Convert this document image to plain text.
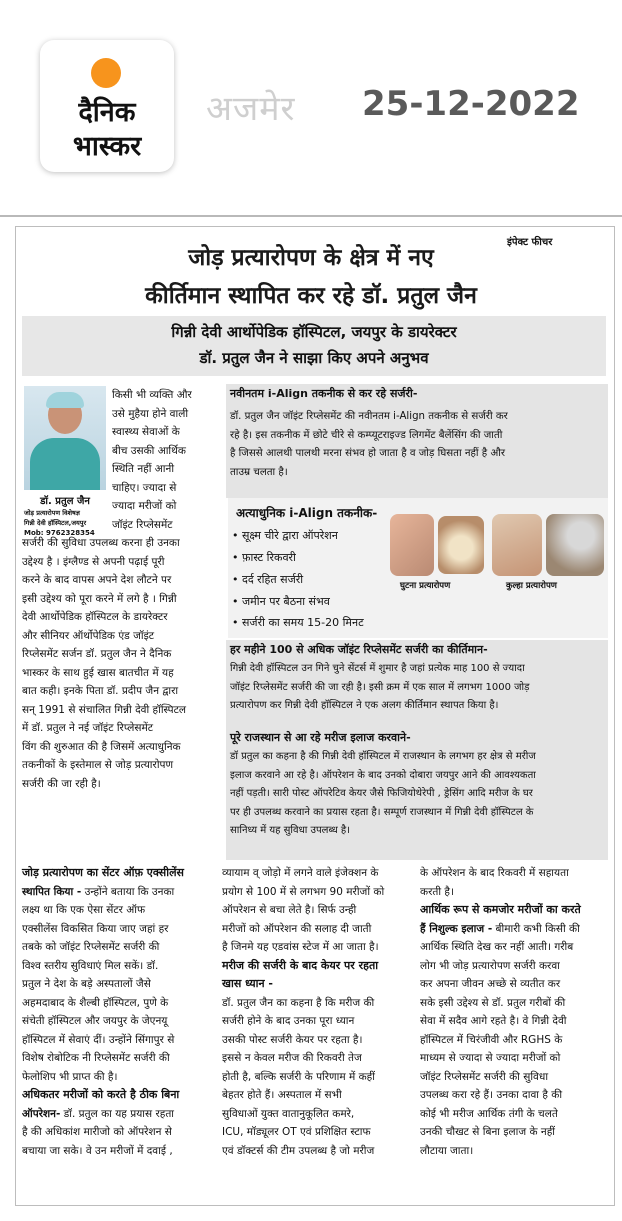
दैनिक
भास्कर
अजमेर 25-12-2022
इंपेक्ट फीचर
जोड़ प्रत्यारोपण के क्षेत्र में नए
कीर्तिमान स्थापित कर रहे डॉ. प्रतुल जैन
गिन्नी देवी आर्थोपेडिक हॉस्पिटल, जयपुर के डायरेक्टर
डॉ. प्रतुल जैन ने साझा किए अपने अनुभव
डॉ. प्रतुल जैन
जोड़ प्रत्यारोपण विशेषज्ञ
गिन्नी देवी हॉस्पिटल,जयपुर
Mob: 9762328354
किसी भी व्यक्ति और
उसे मुहैया होने वाली
स्वास्थ्य सेवाओं के
बीच उसकी आर्थिक
स्थिति नहीं आनी
चाहिए। ज्यादा से
ज्यादा मरीजों को
जॉइंट रिप्लेसमेंट
सर्जरी की सुविधा उपलब्ध करना ही उनका
उद्देश्य है । इंग्लैण्ड से अपनी पढ़ाई पूरी
करने के बाद वापस अपने देश लौटने पर
इसी उद्देश्य को पूरा करने में लगे है । गिन्नी
देवी आर्थोपेडिक हॉस्पिटल के डायरेक्टर
और सीनियर ऑर्थोपेडिक एंड जॉइंट
रिप्लेसमेंट सर्जन डॉ. प्रतुल जैन ने दैनिक
भास्कर के साथ हुई खास बातचीत में यह
बात कही। इनके पिता डॉ. प्रदीप जैन द्वारा
सन् 1991 से संचालित गिन्नी देवी हॉस्पिटल
में डॉ. प्रतुल ने नई जॉइंट रिप्लेसमेंट
विंग की शुरुआत की है जिसमें अत्याधुनिक
तकनीकों के इस्तेमाल से जोड़ प्रत्यारोपण
सर्जरी की जा रही है।
नवीनतम i-Align तकनीक से कर रहे सर्जरी-
डॉ. प्रतुल जैन जॉइंट रिप्लेसमेंट की नवीनतम i-Align तकनीक से सर्जरी कर
रहे है। इस तकनीक में छोटे चीरे से कम्प्यूटराइज्ड लिगमेंट बैलेंसिंग की जाती
है जिससे आलथी पालथी मरना संभव हो जाता है व जोड़ घिसता नहीं है और
ताउम्र चलता है।
अत्याधुनिक i-Align तकनीक-
• सूक्ष्म चीरे द्वारा ऑपरेशन
• फ़ास्ट रिकवरी
• दर्द रहित सर्जरी
• जमीन पर बैठना संभव
• सर्जरी का समय 15-20 मिनट
घुटना प्रत्यारोपण	कुल्हा प्रत्यारोपण
हर महीने 100 से अधिक जॉइंट रिप्लेसमेंट सर्जरी का कीर्तिमान-
गिन्नी देवी हॉस्पिटल उन गिने चुने सेंटर्स में शुमार है जहां प्रत्येक माह 100 से ज्यादा
जॉइंट रिप्लेसमेंट सर्जरी की जा रही है। इसी क्रम में एक साल में लगभग 1000 जोड़
प्रत्यारोपण कर गिन्नी देवी हॉस्पिटल ने एक अलग कीर्तिमान स्थापत किया है।
पूरे राजस्थान से आ रहे मरीज इलाज करवाने-
डॉ प्रतुल का कहना है की गिन्नी देवी हॉस्पिटल में राजस्थान के लगभग हर क्षेत्र से मरीज
इलाज करवाने आ रहे है। ऑपरेशन के बाद उनको दोबारा जयपुर आने की आवश्यकता
नहीं पड़ती। सारी पोस्ट ऑपरेटिव केयर जैसे फिजियोथेरेपी , ड्रेसिंग आदि मरीज के घर
पर ही उपलब्ध करवाने का प्रयास रहता है। सम्पूर्ण राजस्थान में गिन्नी देवी हॉस्पिटल के
सानिध्य में यह सुविधा उपलब्ध है।
जोड़ प्रत्यारोपण का सेंटर ऑफ़ एक्सीलेंस
स्थापित किया - उन्होंने बताया कि उनका
लक्ष्य था कि एक ऐसा सेंटर ऑफ
एक्सीलेंस विकसित किया जाए जहां हर
तबके को जॉइंट रिप्लेसमेंट सर्जरी की
विश्व स्तरीय सुविधाएं मिल सकें। डॉ.
प्रतुल ने देश के बड़े अस्पतालों जैसे
अहमदाबाद के शैल्बी हॉस्पिटल, पुणे के
संचेती हॉस्पिटल और जयपुर के जेएनयू
हॉस्पिटल में सेवाएं दीं। उन्होंने सिंगापुर से
विशेष रोबोटिक नी रिप्लेसमेंट सर्जरी की
फेलोशिप भी प्राप्त की है।
अधिकतर मरीजों को करते है ठीक बिना
ऑपरेशन- डॉ. प्रतुल का यह प्रयास रहता
है की अधिकांश मारीजो को ऑपरेशन से
बचाया जा सके। वे उन मरीजों में दवाई ,
व्यायाम व् जोड़ो में लगने वाले इंजेक्शन के
प्रयोग से 100 में से लगभग 90 मरीजों को
ऑपरेशन से बचा लेते है। सिर्फ उन्ही
मरीजों को ऑपरेशन की सलाह दी जाती
है जिनमे यह एडवांस स्टेज में आ जाता है।
मरीज की सर्जरी के बाद केयर पर रहता
खास ध्यान -
डॉ. प्रतुल जैन का कहना है कि मरीज की
सर्जरी होने के बाद उनका पूरा ध्यान
उसकी पोस्ट सर्जरी केयर पर रहता है।
इससे न केवल मरीज की रिकवरी तेज
होती है, बल्कि सर्जरी के परिणाम में कहीं
बेहतर होते हैं। अस्पताल में सभी
सुविधाओं युक्त वातानुकूलित कमरे,
ICU, मॉड्यूलर OT एवं प्रशिक्षित स्टाफ
एवं डॉक्टर्स की टीम उपलब्ध है जो मरीज
के ऑपरेशन के बाद रिकवरी में सहायता
करती है।
आर्थिक रूप से कमजोर मरीजों का करते
हैं निशुल्क इलाज - बीमारी कभी किसी की
आर्थिक स्थिति देख कर नहीं आती। गरीब
लोग भी जोड़ प्रत्यारोपण सर्जरी करवा
कर अपना जीवन अच्छे से व्यतीत कर
सके इसी उद्देश्य से डॉ. प्रतुल गरीबों की
सेवा में सदैव आगे रहते है। वे गिन्नी देवी
हॉस्पिटल में चिरंजीवी और RGHS के
माध्यम से ज्यादा से ज्यादा मरीजों को
जॉइंट रिप्लेसमेंट सर्जरी की सुविधा
उपलब्ध करा रहे हैं। उनका दावा है की
कोई भी मरीज आर्थिक तंगी के चलते
उनकी चौखट से बिना इलाज के नहीं
लौटाया जाता।
